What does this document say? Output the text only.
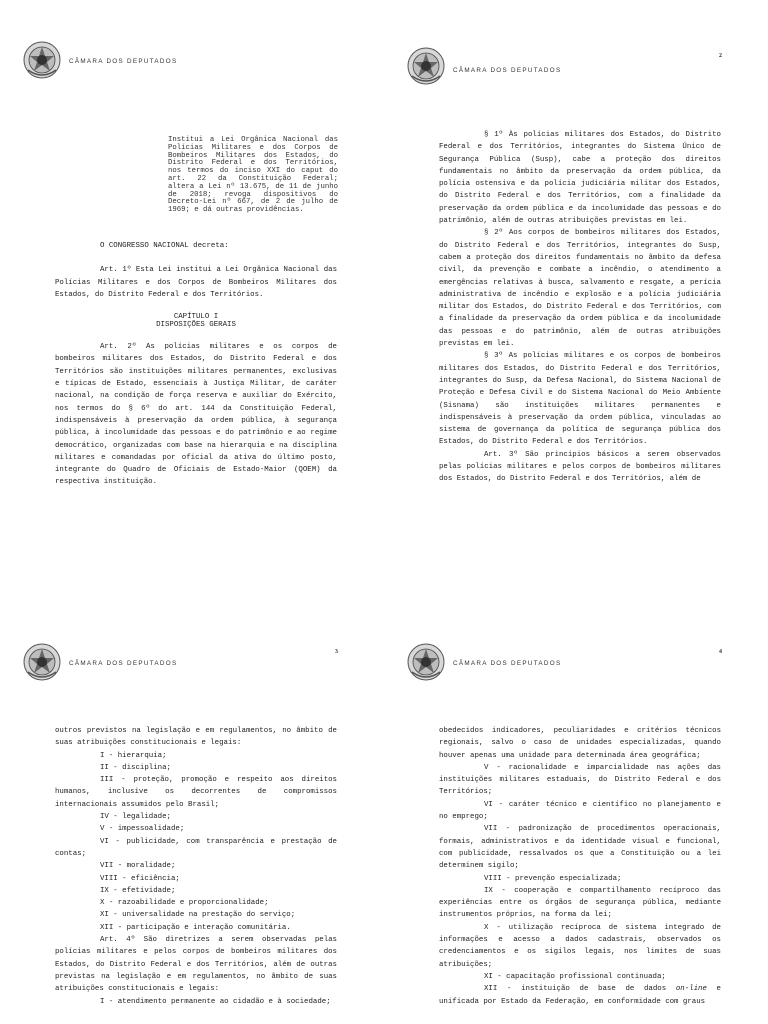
CÂMARA DOS DEPUTADOS
Institui a Lei Orgânica Nacional das Polícias Militares e dos Corpos de Bombeiros Militares dos Estados, do Distrito Federal e dos Territórios, nos termos do inciso XXI do caput do art. 22 da Constituição Federal; altera a Lei nº 13.675, de 11 de junho de 2018; revoga dispositivos do Decreto-Lei nº 667, de 2 de julho de 1969; e dá outras providências.

O CONGRESSO NACIONAL decreta:

Art. 1º Esta Lei institui a Lei Orgânica Nacional das Polícias Militares e dos Corpos de Bombeiros Militares dos Estados, do Distrito Federal e dos Territórios.

CAPÍTULO I

DISPOSIÇÕES GERAIS

Art. 2º As polícias militares e os corpos de bombeiros militares dos Estados, do Distrito Federal e dos Territórios são instituições militares permanentes, exclusivas e típicas de Estado, essenciais à Justiça Militar, de caráter nacional, na condição de força reserva e auxiliar do Exército, nos termos do § 6º do art. 144 da Constituição Federal, indispensáveis à preservação da ordem pública, à segurança pública, à incolumidade das pessoas e do patrimônio e ao regime democrático, organizadas com base na hierarquia e na disciplina militares e comandadas por oficial da ativa do último posto, integrante do Quadro de Oficiais de Estado-Maior (QOEM) da respectiva instituição.

CÂMARA DOS DEPUTADOS
2

§ 1º Às polícias militares dos Estados, do Distrito Federal e dos Territórios, integrantes do Sistema Único de Segurança Pública (Susp), cabe a proteção dos direitos fundamentais no âmbito da preservação da ordem pública, da polícia ostensiva e da polícia judiciária militar dos Estados, do Distrito Federal e dos Territórios, com a finalidade da preservação da ordem pública e da incolumidade das pessoas e do patrimônio, além de outras atribuições previstas em lei.

§ 2º Aos corpos de bombeiros militares dos Estados, do Distrito Federal e dos Territórios, integrantes do Susp, cabem a proteção dos direitos fundamentais no âmbito da defesa civil, da prevenção e combate a incêndio, o atendimento a emergências relativas à busca, salvamento e resgate, a perícia administrativa de incêndio e explosão e a polícia judiciária militar dos Estados, do Distrito Federal e dos Territórios, com a finalidade da preservação da ordem pública e da incolumidade das pessoas e do patrimônio, além de outras atribuições previstas em lei.

§ 3º As polícias militares e os corpos de bombeiros militares dos Estados, do Distrito Federal e dos Territórios, integrantes do Susp, da Defesa Nacional, do Sistema Nacional de Proteção e Defesa Civil e do Sistema Nacional do Meio Ambiente (Sisnama) são instituições militares permanentes e indispensáveis à preservação da ordem pública, vinculadas ao sistema de governança da política de segurança pública dos Estados, do Distrito Federal e dos Territórios.

Art. 3º São princípios básicos a serem observados pelas polícias militares e pelos corpos de bombeiros militares dos Estados, do Distrito Federal e dos Territórios, além de

CÂMARA DOS DEPUTADOS
3

outros previstos na legislação e em regulamentos, no âmbito de suas atribuições constitucionais e legais:

I - hierarquia;

II - disciplina;

III - proteção, promoção e respeito aos direitos humanos, inclusive os decorrentes de compromissos internacionais assumidos pelo Brasil;

IV - legalidade;

V - impessoalidade;

VI - publicidade, com transparência e prestação de contas;

VII - moralidade;

VIII - eficiência;

IX - efetividade;

X - razoabilidade e proporcionalidade;

XI - universalidade na prestação do serviço;

XII - participação e interação comunitária.

Art. 4º São diretrizes a serem observadas pelas polícias militares e pelos corpos de bombeiros militares dos Estados, do Distrito Federal e dos Territórios, além de outras previstas na legislação e em regulamentos, no âmbito de suas atribuições constitucionais e legais:

I - atendimento permanente ao cidadão e à sociedade;

CÂMARA DOS DEPUTADOS
4

obedecidos indicadores, peculiaridades e critérios técnicos regionais, salvo o caso de unidades especializadas, quando houver apenas uma unidade para determinada área geográfica;

V - racionalidade e imparcialidade nas ações das instituições militares estaduais, do Distrito Federal e dos Territórios;

VI - caráter técnico e científico no planejamento e no emprego;

VII - padronização de procedimentos operacionais, formais, administrativos e da identidade visual e funcional, com publicidade, ressalvados os que a Constituição ou a lei determinem sigilo;

VIII - prevenção especializada;

IX - cooperação e compartilhamento recíproco das experiências entre os órgãos de segurança pública, mediante instrumentos próprios, na forma da lei;

X - utilização recíproca de sistema integrado de informações e acesso a dados cadastrais, observados os credenciamentos e os sigilos legais, nos limites de suas atribuições;

XI - capacitação profissional continuada;

XII - instituição de base de dados on-line e unificada por Estado da Federação, em conformidade com graus
